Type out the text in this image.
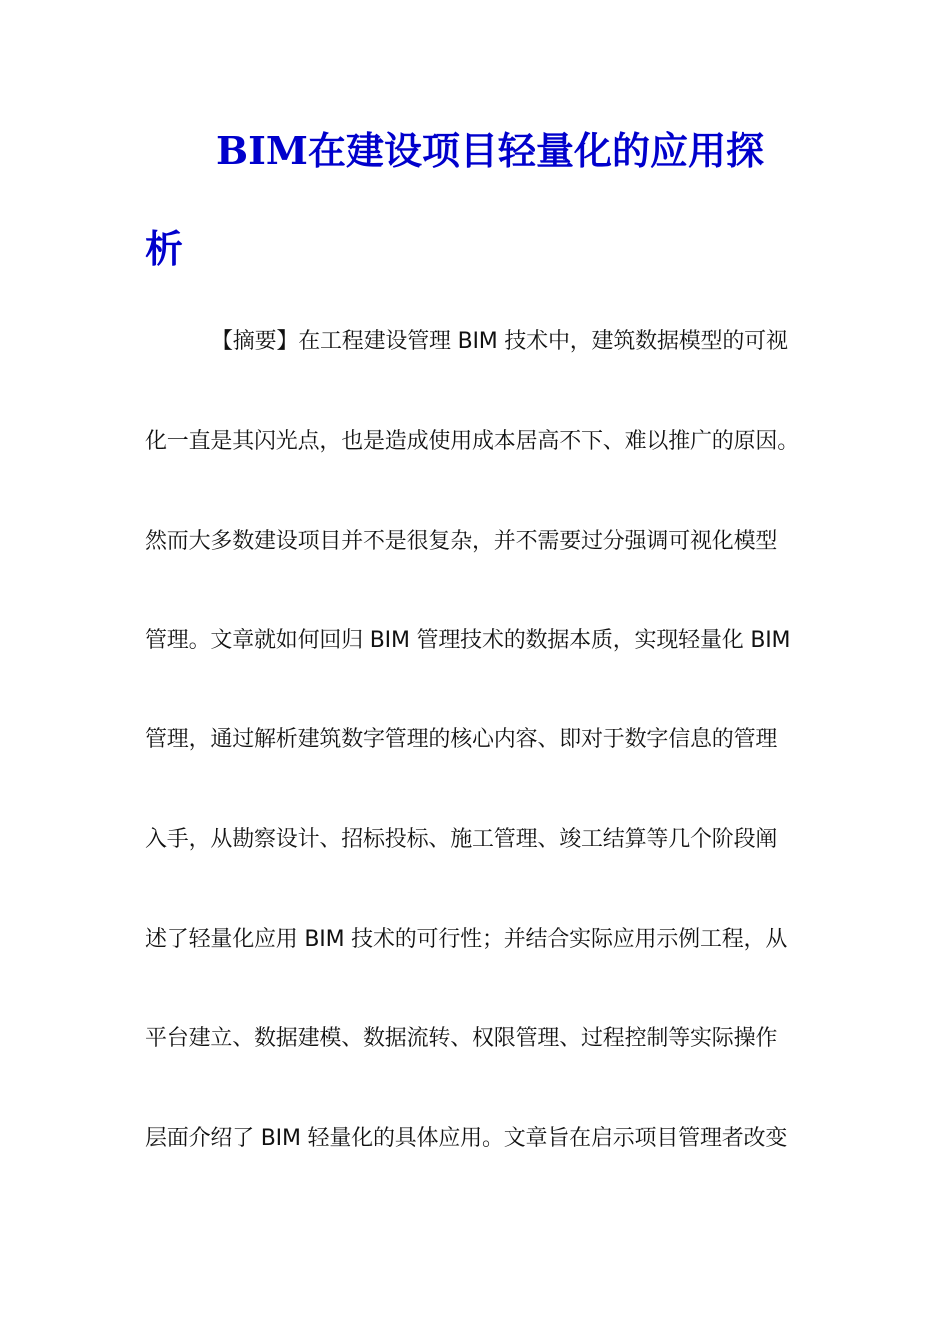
BIM在建设项目轻量化的应用探
析

【摘要】在工程建设管理 BIM 技术中，建筑数据模型的可视

化一直是其闪光点，也是造成使用成本居高不下、难以推广的原因。

然而大多数建设项目并不是很复杂，并不需要过分强调可视化模型

管理。文章就如何回归 BIM 管理技术的数据本质，实现轻量化 BIM

管理，通过解析建筑数字管理的核心内容、即对于数字信息的管理

入手，从勘察设计、招标投标、施工管理、竣工结算等几个阶段阐

述了轻量化应用 BIM 技术的可行性；并结合实际应用示例工程，从

平台建立、数据建模、数据流转、权限管理、过程控制等实际操作

层面介绍了 BIM 轻量化的具体应用。文章旨在启示项目管理者改变
